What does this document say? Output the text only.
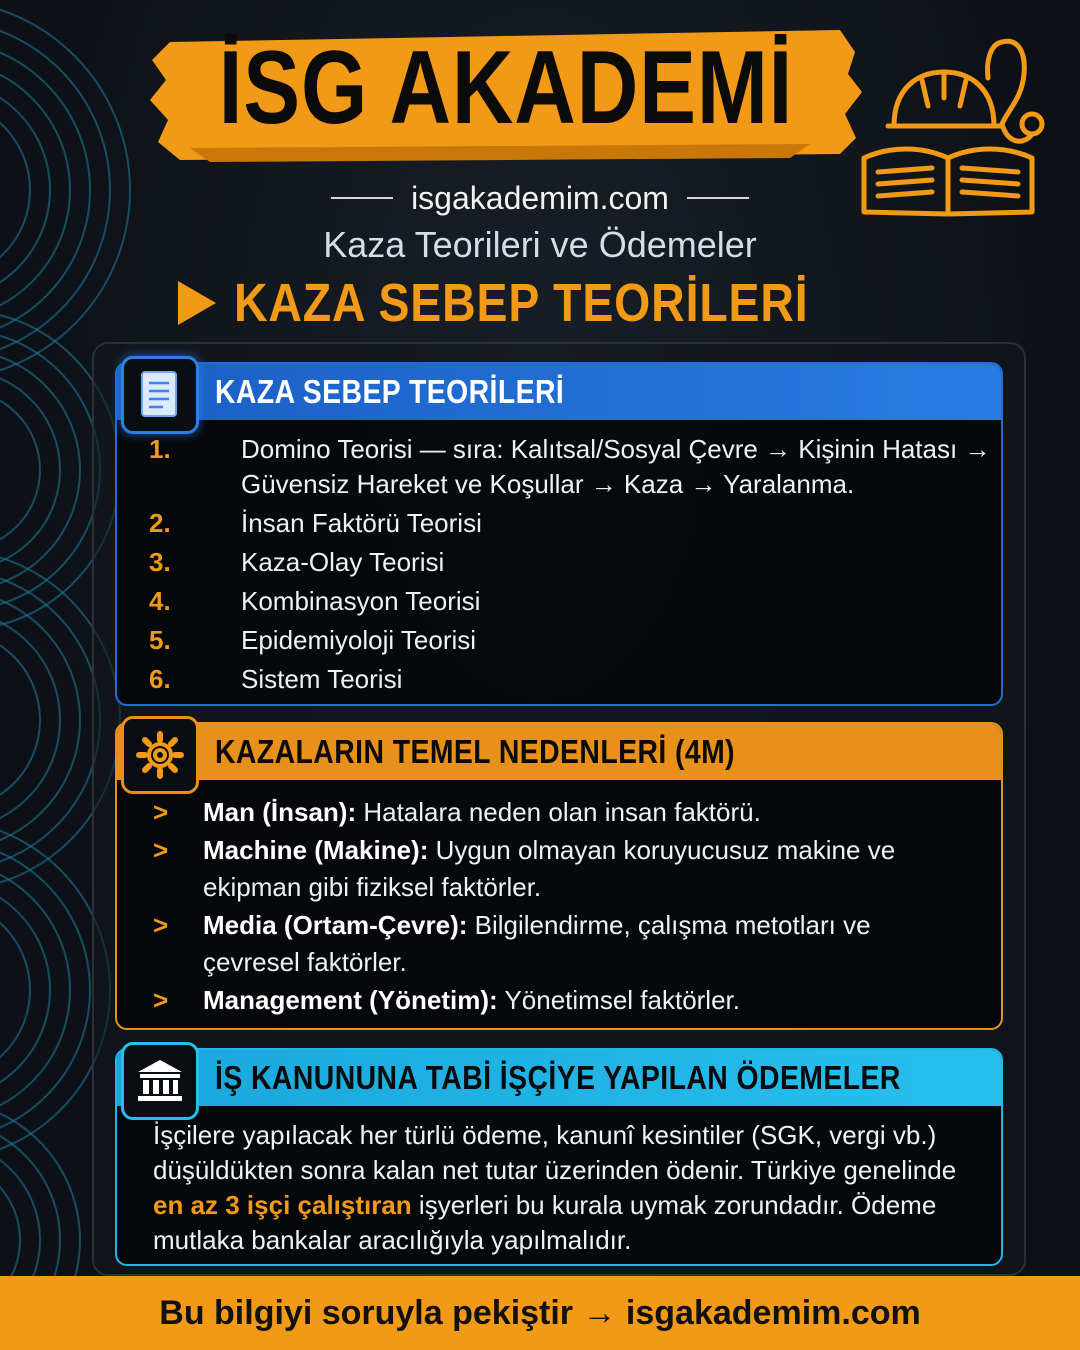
İSG AKADEMİ
isgakademim.com
Kaza Teorileri ve Ödemeler
KAZA SEBEP TEORİLERİ
KAZA SEBEP TEORİLERİ
1.	Domino Teorisi — sıra: Kalıtsal/Sosyal Çevre → Kişinin Hatası → Güvensiz Hareket ve Koşullar → Kaza → Yaralanma.
2.	İnsan Faktörü Teorisi
3.	Kaza-Olay Teorisi
4.	Kombinasyon Teorisi
5.	Epidemiyoloji Teorisi
6.	Sistem Teorisi
KAZALARIN TEMEL NEDENLERİ (4M)
>	Man (İnsan): Hatalara neden olan insan faktörü.
>	Machine (Makine): Uygun olmayan koruyucusuz makine ve ekipman gibi fiziksel faktörler.
>	Media (Ortam-Çevre): Bilgilendirme, çalışma metotları ve çevresel faktörler.
>	Management (Yönetim): Yönetimsel faktörler.
İŞ KANUNUNA TABİ İŞÇİYE YAPILAN ÖDEMELER
İşçilere yapılacak her türlü ödeme, kanunî kesintiler (SGK, vergi vb.) düşüldükten sonra kalan net tutar üzerinden ödenir. Türkiye genelinde en az 3 işçi çalıştıran işyerleri bu kurala uymak zorundadır. Ödeme mutlaka bankalar aracılığıyla yapılmalıdır.
Bu bilgiyi soruyla pekiştir → isgakademim.com
